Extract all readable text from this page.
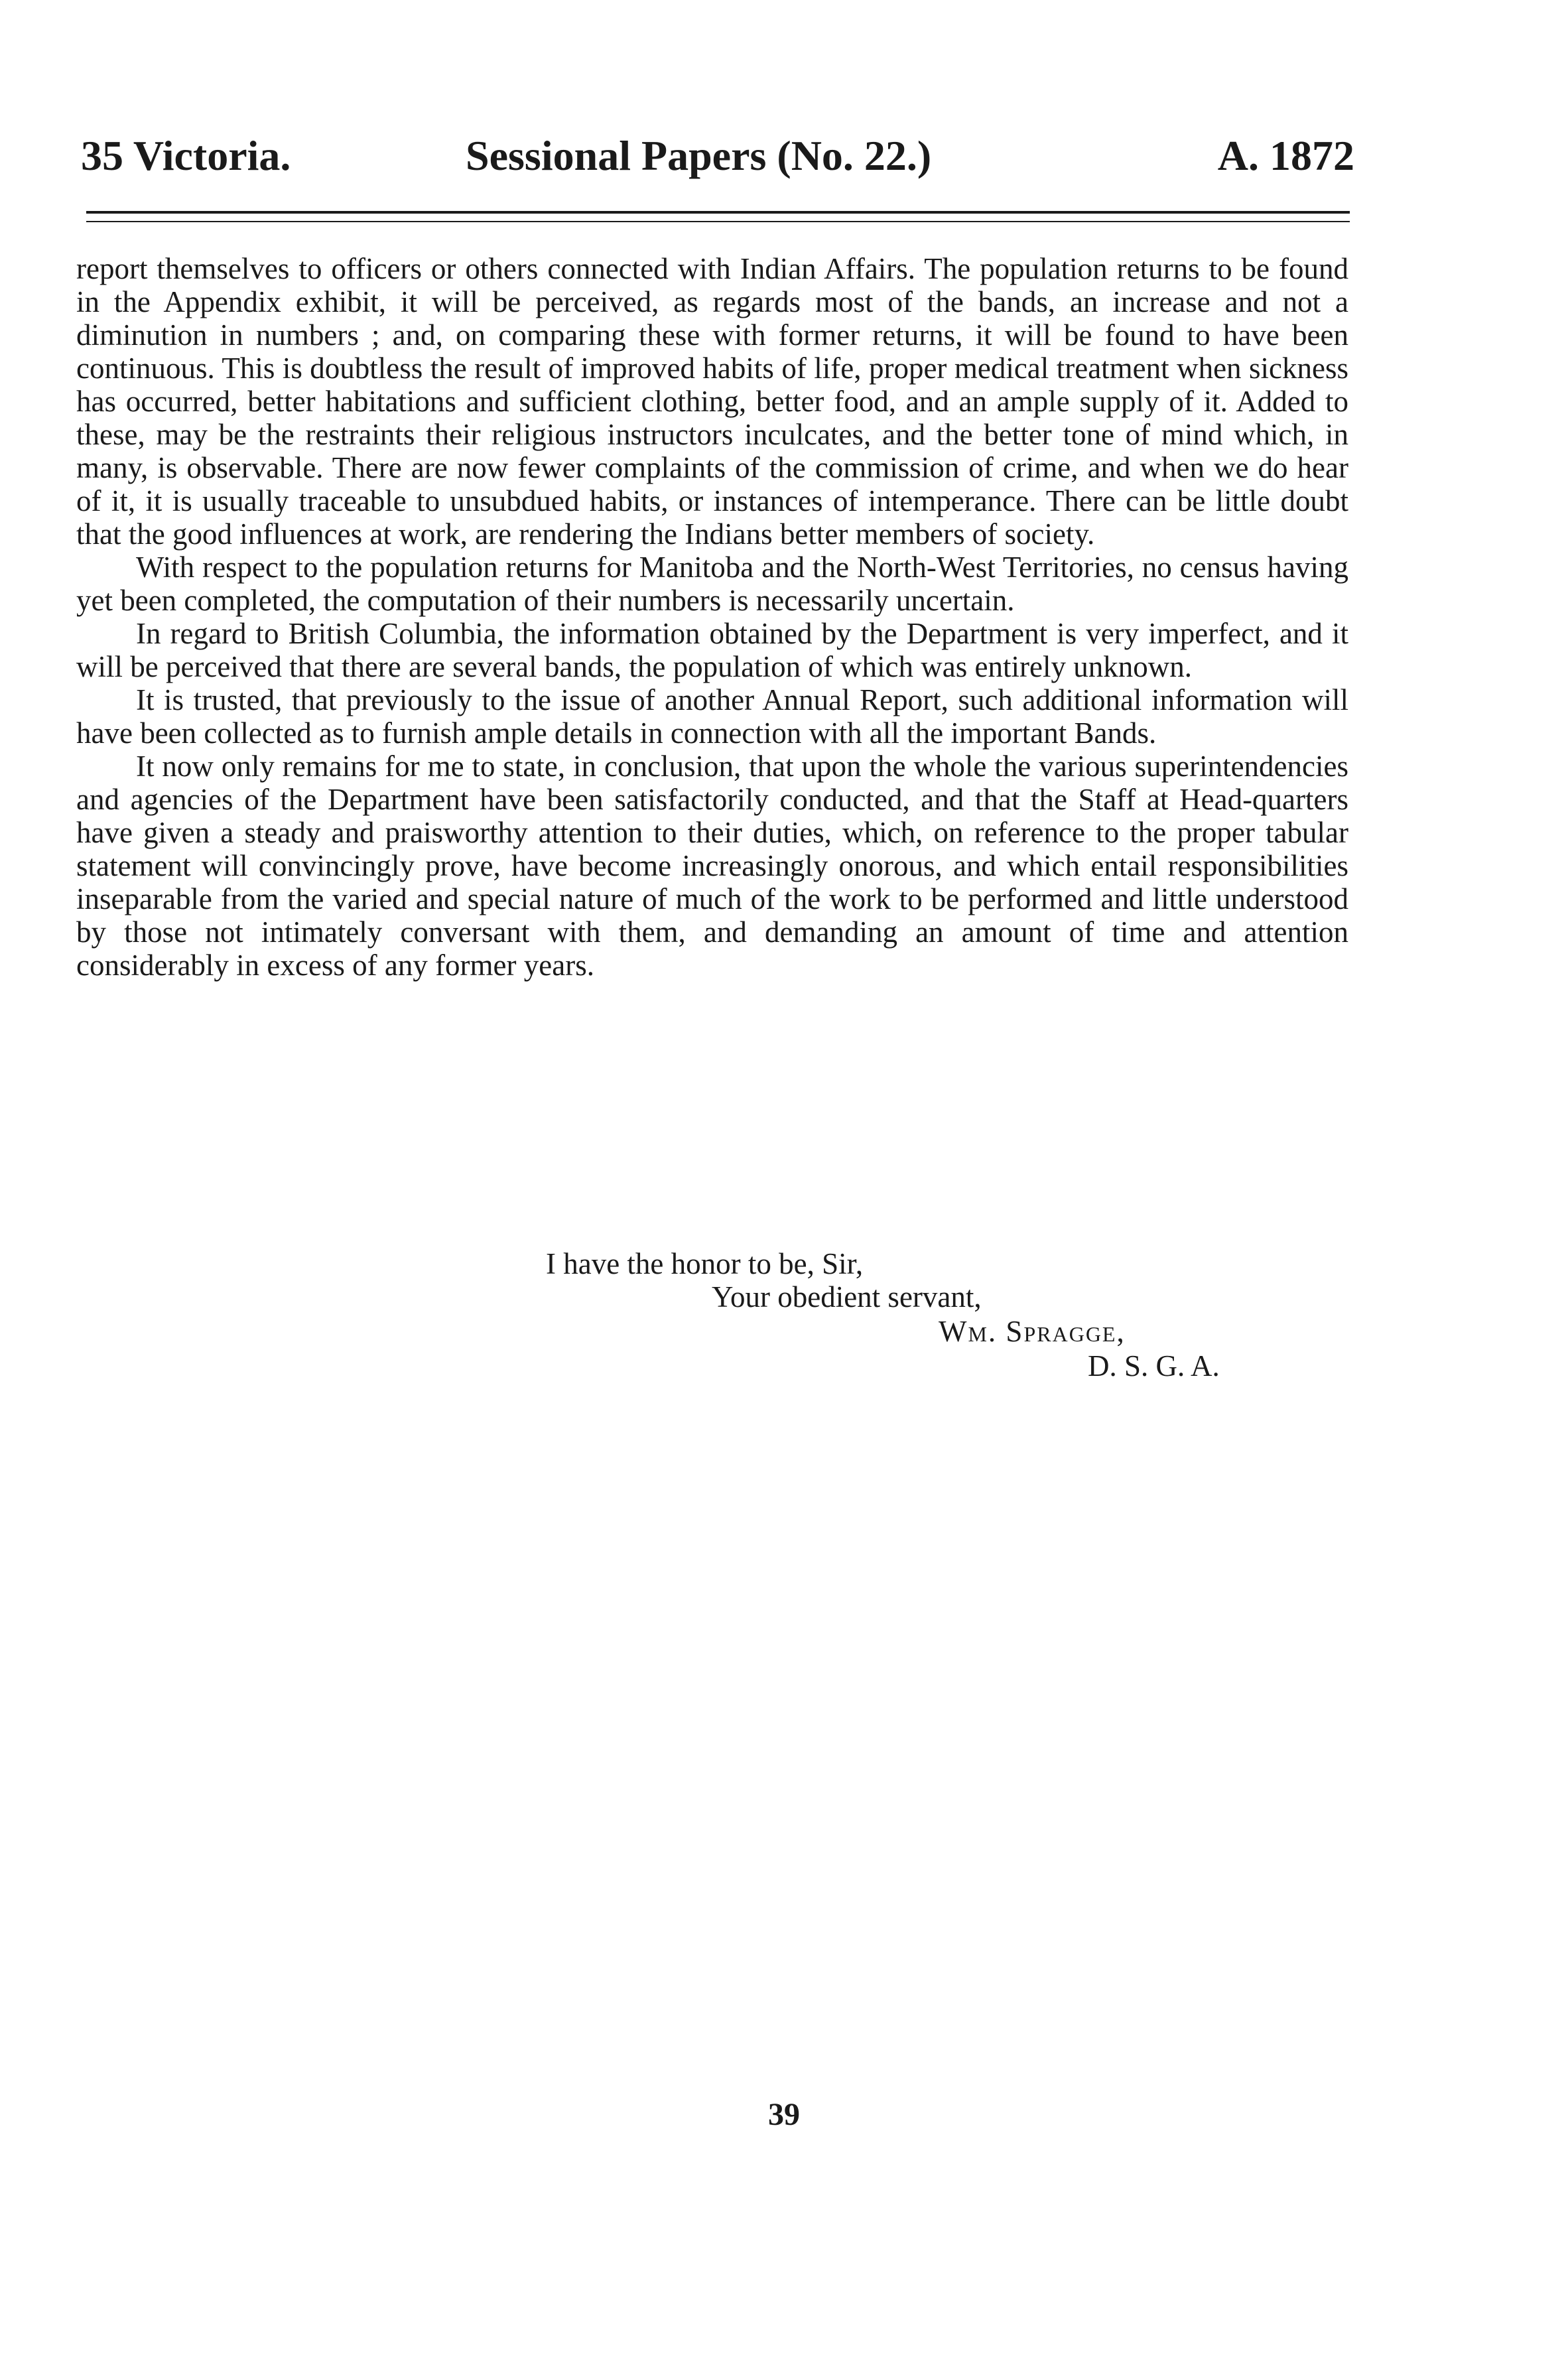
35 Victoria.	Sessional Papers (No. 22.)	A. 1872

report themselves to officers or others connected with Indian Affairs. The population returns to be found in the Appendix exhibit, it will be perceived, as regards most of the bands, an increase and not a diminution in numbers ; and, on comparing these with former returns, it will be found to have been continuous. This is doubtless the result of improved habits of life, proper medical treatment when sickness has occurred, better habitations and sufficient clothing, better food, and an ample supply of it. Added to these, may be the restraints their religious instructors inculcates, and the better tone of mind which, in many, is observable. There are now fewer complaints of the commission of crime, and when we do hear of it, it is usually traceable to unsubdued habits, or instances of intemperance. There can be little doubt that the good influences at work, are rendering the Indians better members of society.

With respect to the population returns for Manitoba and the North-West Territories, no census having yet been completed, the computation of their numbers is necessarily uncertain.

In regard to British Columbia, the information obtained by the Department is very imperfect, and it will be perceived that there are several bands, the population of which was entirely unknown.

It is trusted, that previously to the issue of another Annual Report, such additional information will have been collected as to furnish ample details in connection with all the important Bands.

It now only remains for me to state, in conclusion, that upon the whole the various superintendencies and agencies of the Department have been satisfactorily conducted, and that the Staff at Head-quarters have given a steady and praisworthy attention to their duties, which, on reference to the proper tabular statement will convincingly prove, have become increasingly onorous, and which entail responsibilities inseparable from the varied and special nature of much of the work to be performed and little understood by those not intimately conversant with them, and demanding an amount of time and attention considerably in excess of any former years.

I have the honor to be, Sir,
Your obedient servant,
Wm. Spragge,
D. S. G. A.
39
